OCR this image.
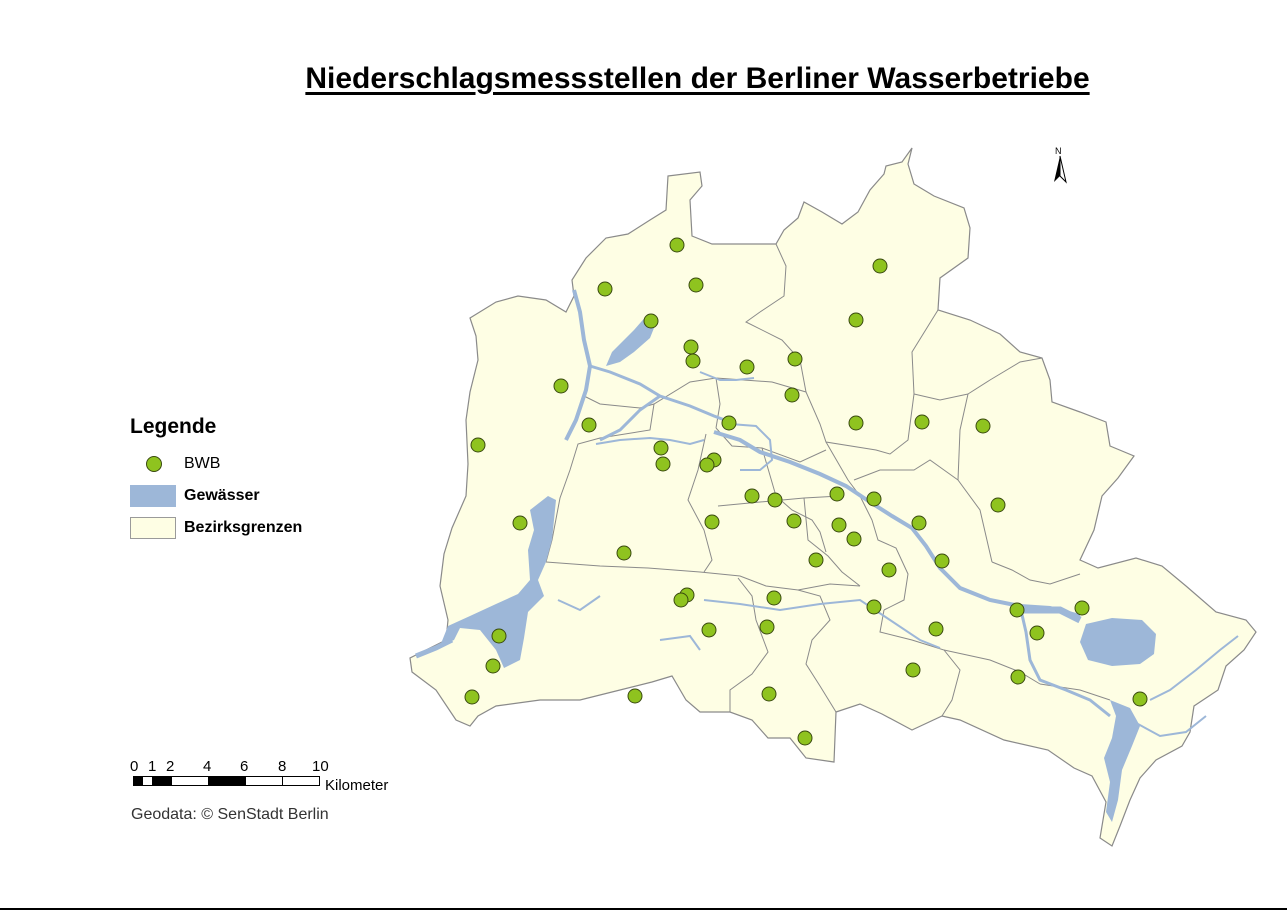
Niederschlagsmessstellen der Berliner Wasserbetriebe
N
Legende
BWB
Gewässer
Bezirksgrenzen
0 1 2 4 6 8 10
Kilometer
Geodata: © SenStadt Berlin
